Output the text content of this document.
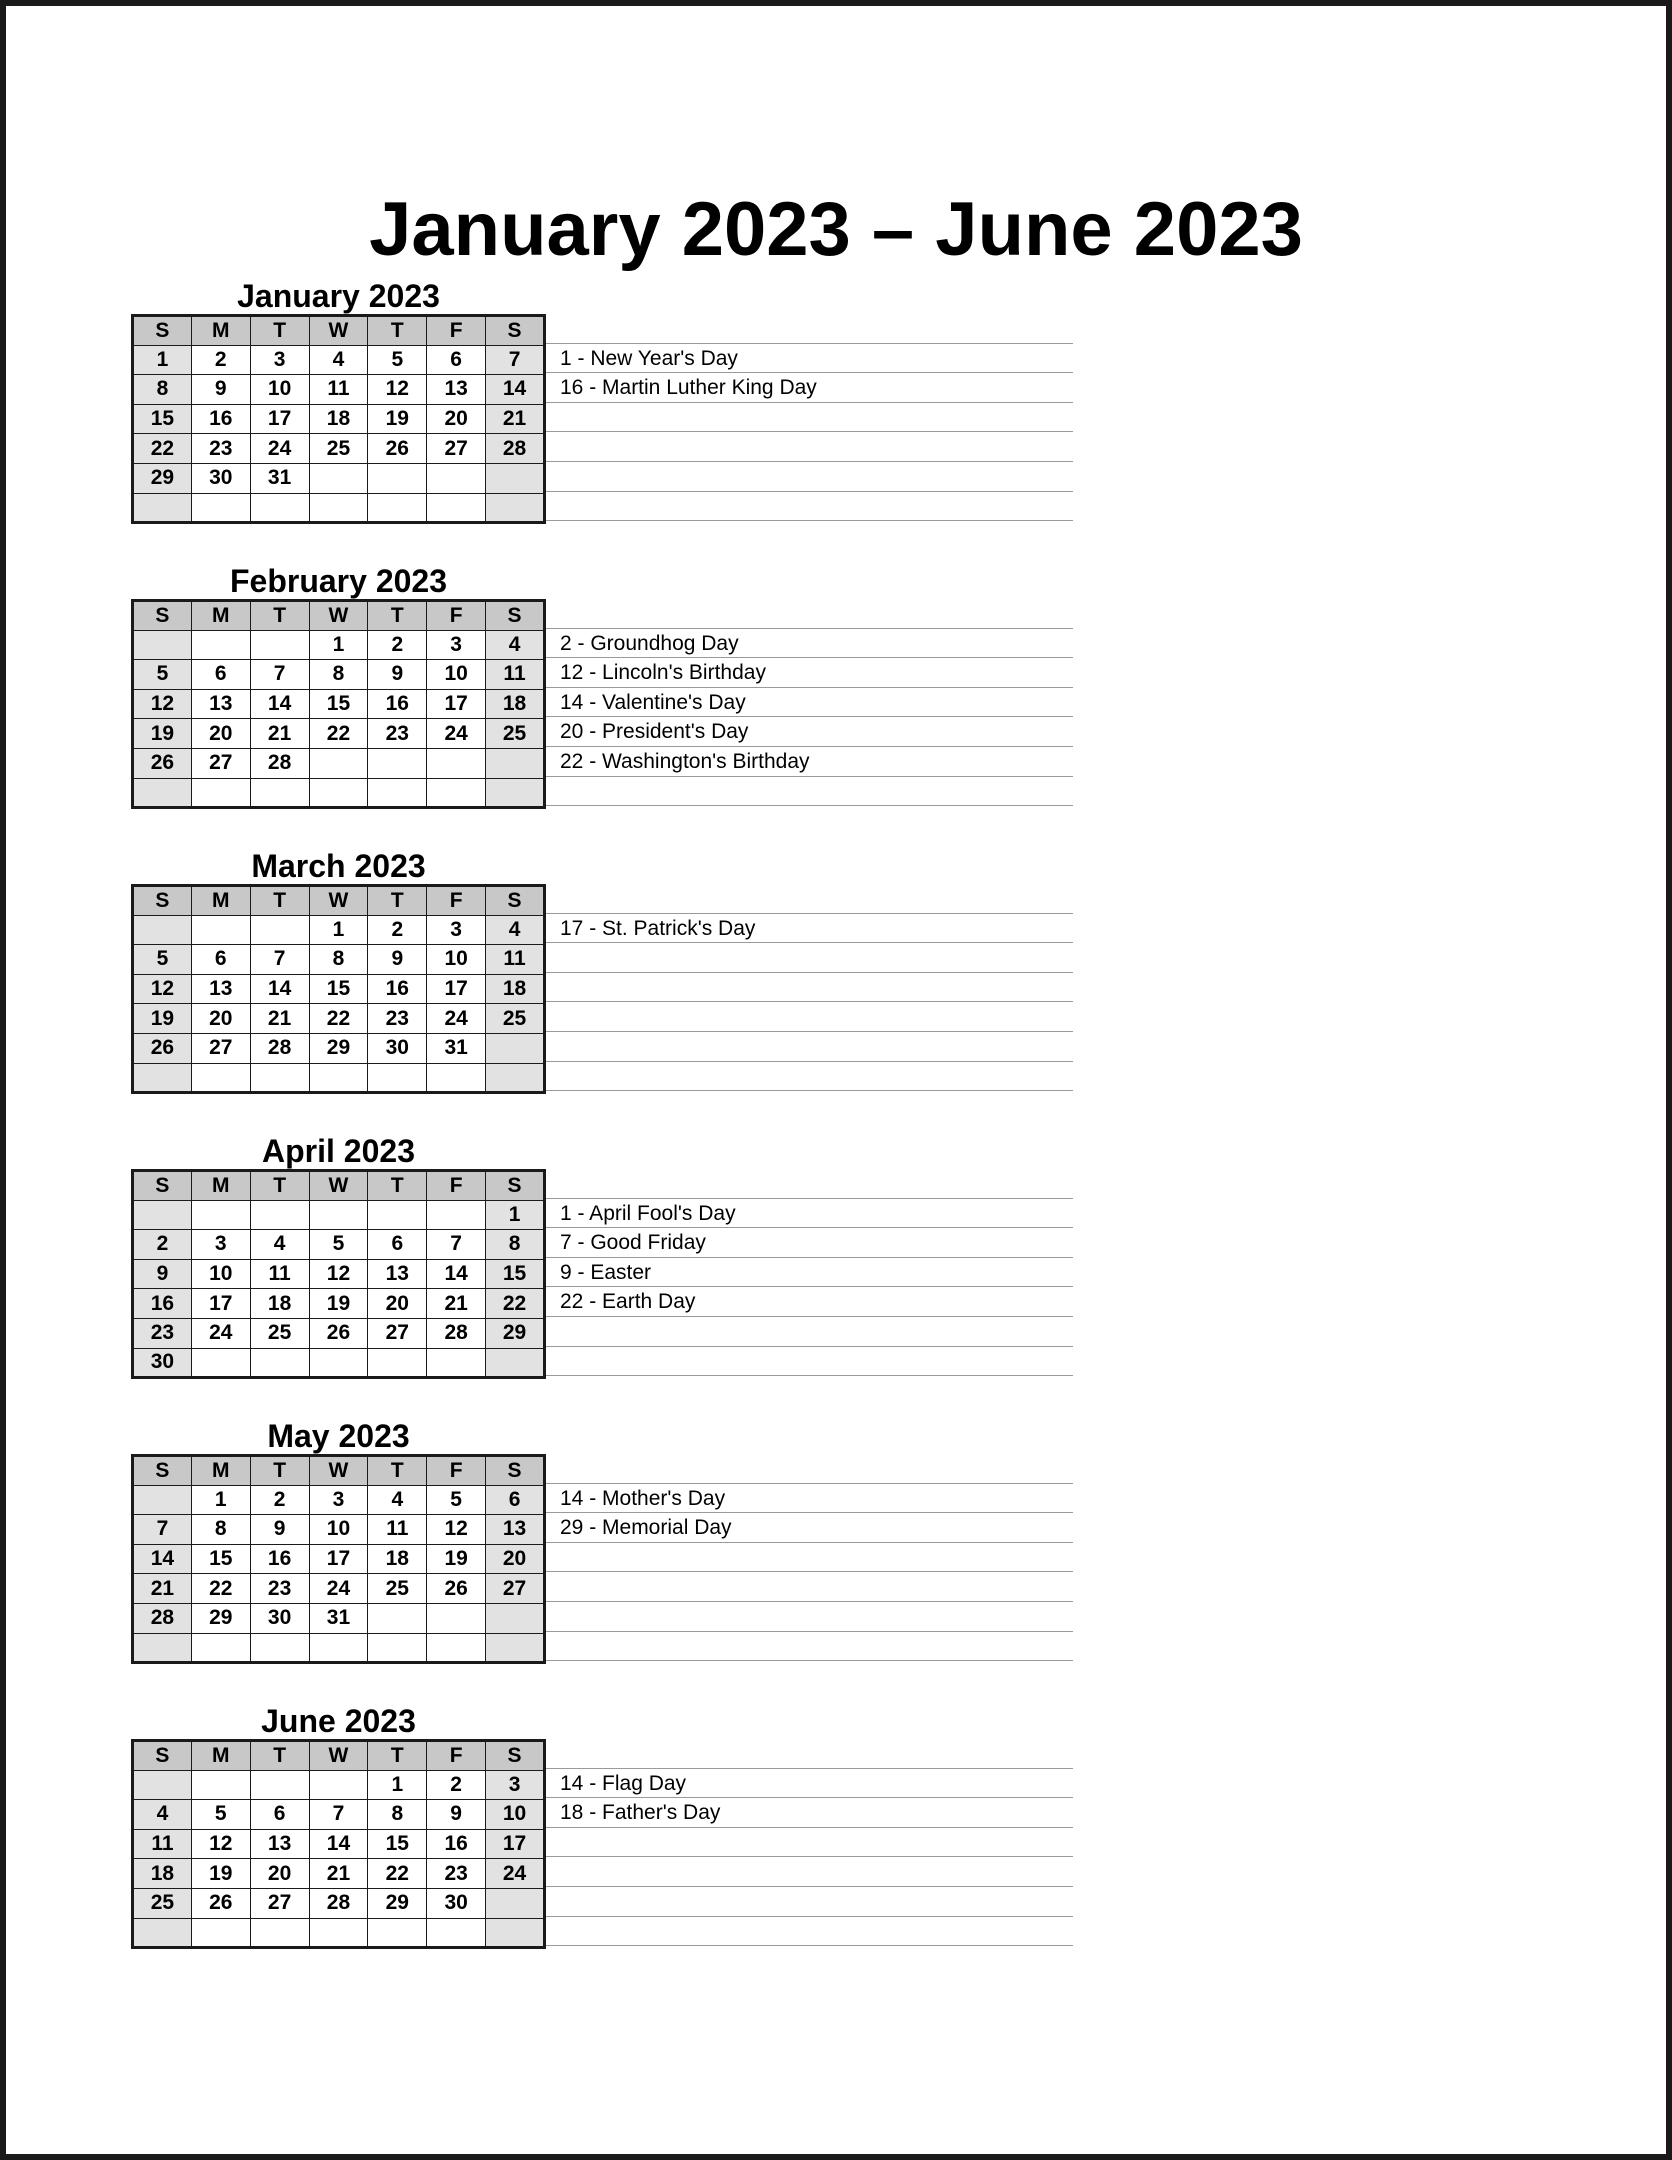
January 2023 – June 2023
January 2023
S	M	T	W	T	F	S
1	2	3	4	5	6	7
8	9	10	11	12	13	14
15	16	17	18	19	20	21
22	23	24	25	26	27	28
29	30	31				

1 - New Year's Day
16 - Martin Luther King Day
February 2023
S	M	T	W	T	F	S
			1	2	3	4
5	6	7	8	9	10	11
12	13	14	15	16	17	18
19	20	21	22	23	24	25
26	27	28				

2 - Groundhog Day
12 - Lincoln's Birthday
14 - Valentine's Day
20 - President's Day
22 - Washington's Birthday
March 2023
S	M	T	W	T	F	S
			1	2	3	4
5	6	7	8	9	10	11
12	13	14	15	16	17	18
19	20	21	22	23	24	25
26	27	28	29	30	31	

17 - St. Patrick's Day
April 2023
S	M	T	W	T	F	S
						1
2	3	4	5	6	7	8
9	10	11	12	13	14	15
16	17	18	19	20	21	22
23	24	25	26	27	28	29
30						
1 - April Fool's Day
7 - Good Friday
9 - Easter
22 - Earth Day
May 2023
S	M	T	W	T	F	S
	1	2	3	4	5	6
7	8	9	10	11	12	13
14	15	16	17	18	19	20
21	22	23	24	25	26	27
28	29	30	31			

14 - Mother's Day
29 - Memorial Day
June 2023
S	M	T	W	T	F	S
				1	2	3
4	5	6	7	8	9	10
11	12	13	14	15	16	17
18	19	20	21	22	23	24
25	26	27	28	29	30	

14 - Flag Day
18 - Father's Day
